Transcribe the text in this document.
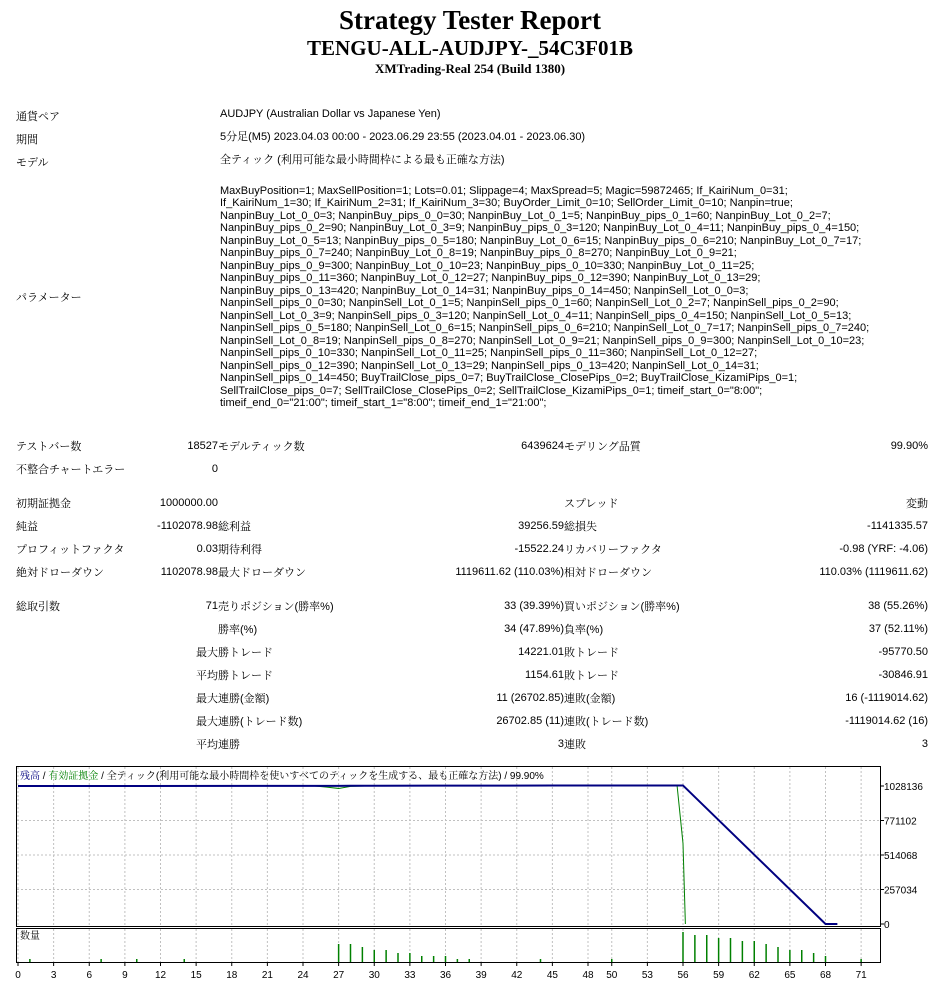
Strategy Tester Report
TENGU-ALL-AUDJPY-_54C3F01B
XMTrading-Real 254 (Build 1380)
通貨ペア	AUDJPY (Australian Dollar vs Japanese Yen)
期間	5分足(M5) 2023.04.03 00:00 - 2023.06.29 23:55 (2023.04.01 - 2023.06.30)
モデル	全ティック (利用可能な最小時間枠による最も正確な方法)
パラメーター
MaxBuyPosition=1; MaxSellPosition=1; Lots=0.01; Slippage=4; MaxSpread=5; Magic=59872465; If_KairiNum_0=31;
If_KairiNum_1=30; If_KairiNum_2=31; If_KairiNum_3=30; BuyOrder_Limit_0=10; SellOrder_Limit_0=10; Nanpin=true;
NanpinBuy_Lot_0_0=3; NanpinBuy_pips_0_0=30; NanpinBuy_Lot_0_1=5; NanpinBuy_pips_0_1=60; NanpinBuy_Lot_0_2=7;
NanpinBuy_pips_0_2=90; NanpinBuy_Lot_0_3=9; NanpinBuy_pips_0_3=120; NanpinBuy_Lot_0_4=11; NanpinBuy_pips_0_4=150;
NanpinBuy_Lot_0_5=13; NanpinBuy_pips_0_5=180; NanpinBuy_Lot_0_6=15; NanpinBuy_pips_0_6=210; NanpinBuy_Lot_0_7=17;
NanpinBuy_pips_0_7=240; NanpinBuy_Lot_0_8=19; NanpinBuy_pips_0_8=270; NanpinBuy_Lot_0_9=21;
NanpinBuy_pips_0_9=300; NanpinBuy_Lot_0_10=23; NanpinBuy_pips_0_10=330; NanpinBuy_Lot_0_11=25;
NanpinBuy_pips_0_11=360; NanpinBuy_Lot_0_12=27; NanpinBuy_pips_0_12=390; NanpinBuy_Lot_0_13=29;
NanpinBuy_pips_0_13=420; NanpinBuy_Lot_0_14=31; NanpinBuy_pips_0_14=450; NanpinSell_Lot_0_0=3;
NanpinSell_pips_0_0=30; NanpinSell_Lot_0_1=5; NanpinSell_pips_0_1=60; NanpinSell_Lot_0_2=7; NanpinSell_pips_0_2=90;
NanpinSell_Lot_0_3=9; NanpinSell_pips_0_3=120; NanpinSell_Lot_0_4=11; NanpinSell_pips_0_4=150; NanpinSell_Lot_0_5=13;
NanpinSell_pips_0_5=180; NanpinSell_Lot_0_6=15; NanpinSell_pips_0_6=210; NanpinSell_Lot_0_7=17; NanpinSell_pips_0_7=240;
NanpinSell_Lot_0_8=19; NanpinSell_pips_0_8=270; NanpinSell_Lot_0_9=21; NanpinSell_pips_0_9=300; NanpinSell_Lot_0_10=23;
NanpinSell_pips_0_10=330; NanpinSell_Lot_0_11=25; NanpinSell_pips_0_11=360; NanpinSell_Lot_0_12=27;
NanpinSell_pips_0_12=390; NanpinSell_Lot_0_13=29; NanpinSell_pips_0_13=420; NanpinSell_Lot_0_14=31;
NanpinSell_pips_0_14=450; BuyTrailClose_pips_0=7; BuyTrailClose_ClosePips_0=2; BuyTrailClose_KizamiPips_0=1;
SellTrailClose_pips_0=7; SellTrailClose_ClosePips_0=2; SellTrailClose_KizamiPips_0=1; timeif_start_0="8:00";
timeif_end_0="21:00"; timeif_start_1="8:00"; timeif_end_1="21:00";
テストバー数	18527	モデルティック数	6439624	モデリング品質	99.90%
不整合チャートエラー	0				

初期証拠金	1000000.00			スプレッド	変動
純益	-1102078.98	総利益	39256.59	総損失	-1141335.57
プロフィットファクタ	0.03	期待利得	-15522.24	リカバリーファクタ	-0.98 (YRF: -4.06)
絶対ドローダウン	1102078.98	最大ドローダウン	1119611.62 (110.03%)	相対ドローダウン	110.03% (1119611.62)

総取引数	71	売りポジション(勝率%)	33 (39.39%)	買いポジション(勝率%)	38 (55.26%)
		勝率(%)	34 (47.89%)	負率(%)	37 (52.11%)
	最大	勝トレード	14221.01	敗トレード	-95770.50
	平均	勝トレード	1154.61	敗トレード	-30846.91
	最大	連勝(金額)	11 (26702.85)	連敗(金額)	16 (-1119014.62)
	最大	連勝(トレード数)	26702.85 (11)	連敗(トレード数)	-1119014.62 (16)
	平均	連勝	3	連敗	3
1028136
771102
514068
257034
0
0	3	6	9	12 15 18 21 24 27 30 33 36 39 42 45 48 50 53 56 59 62 65 68 71
残高 / 有効証拠金 / 全ティック(利用可能な最小時間枠を使いすべてのティックを生成する、最も正確な方法) / 99.90%
数量
